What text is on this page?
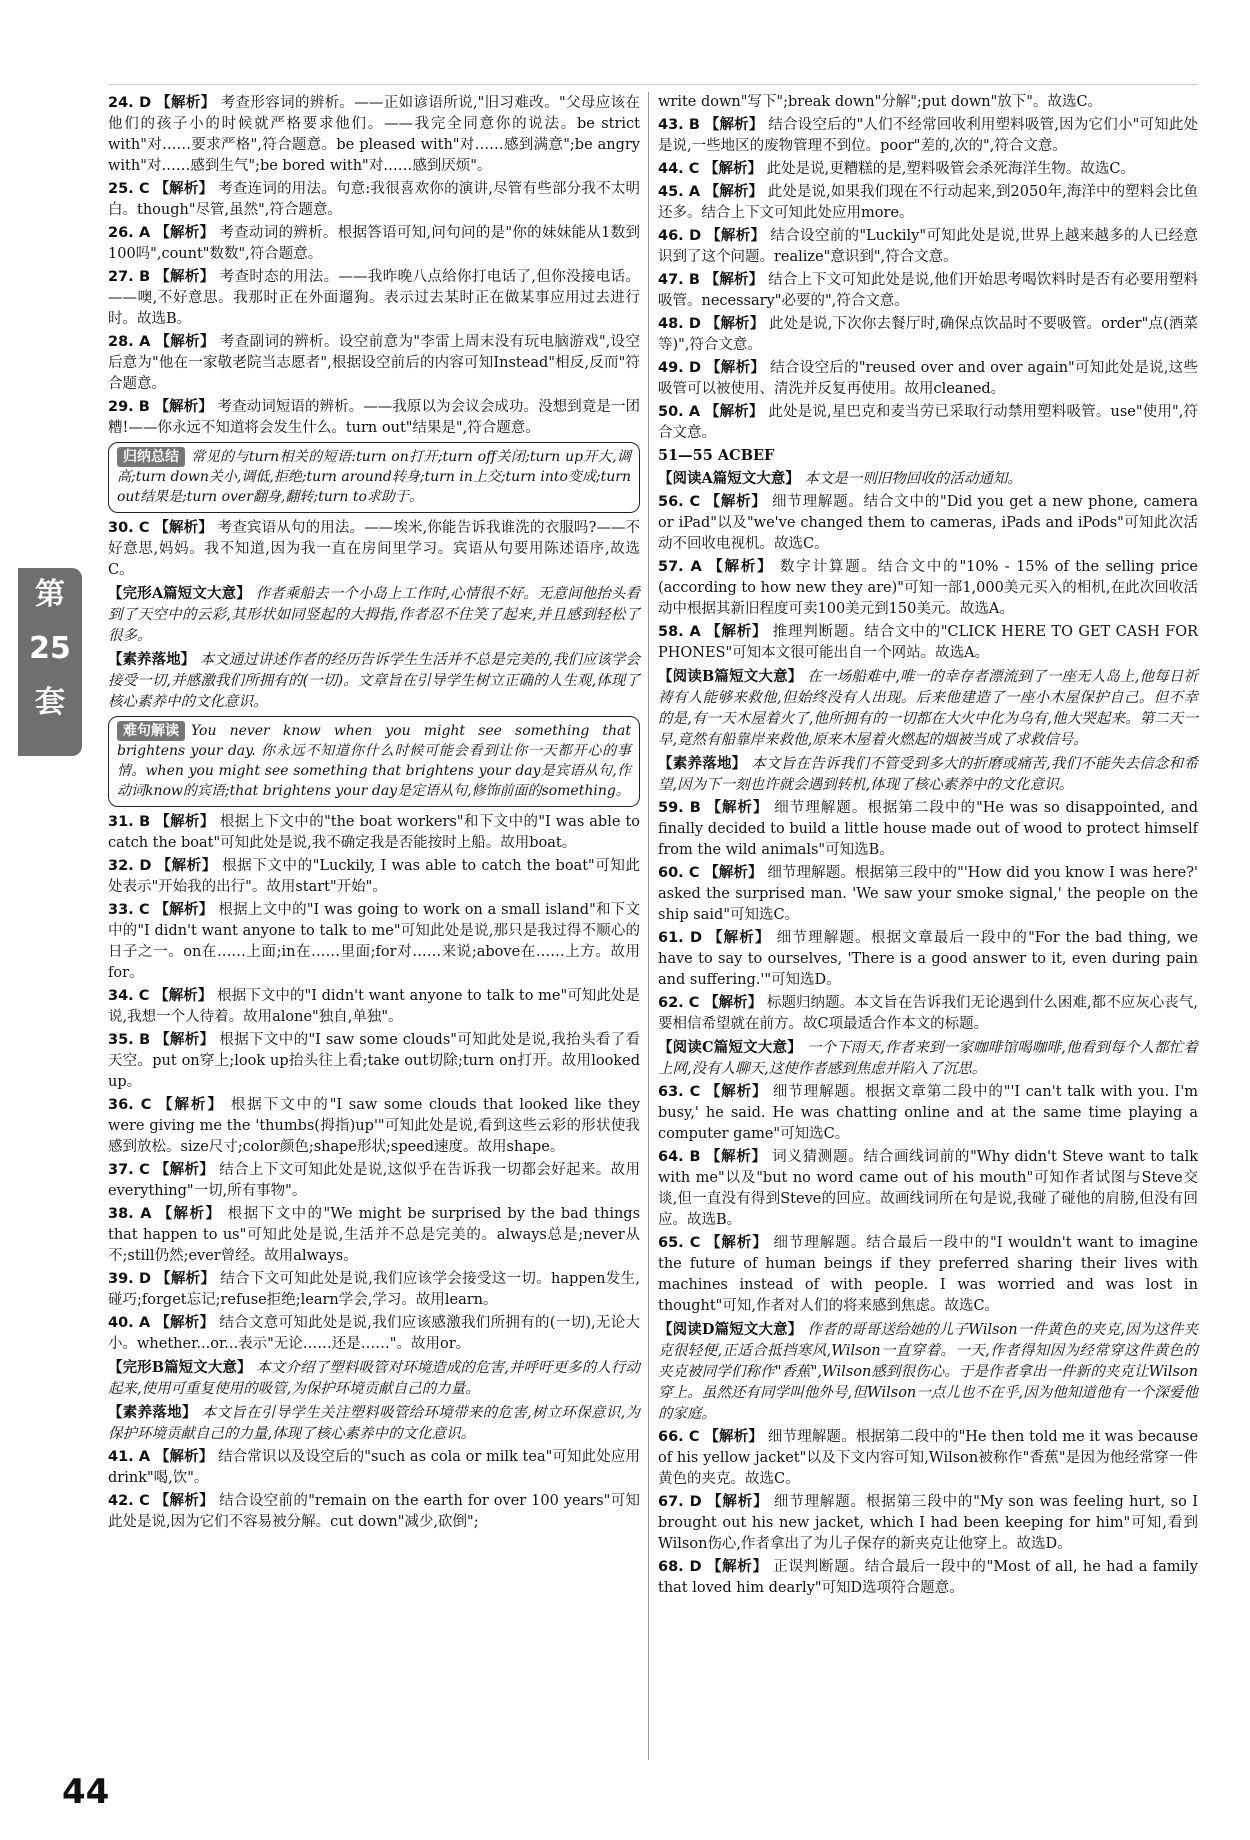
24. D 【解析】 考查形容词的辨析。——正如谚语所说,"旧习难改。"父母应该在他们的孩子小的时候就严格要求他们。——我完全同意你的说法。be strict with"对……要求严格",符合题意。be pleased with"对……感到满意";be angry with"对……感到生气";be bored with"对……感到厌烦"。
25. C 【解析】 考查连词的用法。句意:我很喜欢你的演讲,尽管有些部分我不太明白。though"尽管,虽然",符合题意。
26. A 【解析】 考查动词的辨析。根据答语可知,问句问的是"你的妹妹能从1数到100吗",count"数数",符合题意。
27. B 【解析】 考查时态的用法。——我昨晚八点给你打电话了,但你没接电话。——噢,不好意思。我那时正在外面遛狗。表示过去某时正在做某事应用过去进行时。故选B。
28. A 【解析】 考查副词的辨析。设空前意为"李雷上周末没有玩电脑游戏",设空后意为"他在一家敬老院当志愿者",根据设空前后的内容可知Instead"相反,反而"符合题意。
29. B 【解析】 考查动词短语的辨析。——我原以为会议会成功。没想到竟是一团糟!——你永远不知道将会发生什么。turn out"结果是",符合题意。
归纳总结 常见的与turn相关的短语:turn on打开;turn off关闭;turn up开大,调高;turn down关小,调低,拒绝;turn around转身;turn in上交;turn into变成;turn out结果是;turn over翻身,翻转;turn to求助于。
30. C 【解析】 考查宾语从句的用法。——埃米,你能告诉我谁洗的衣服吗?——不好意思,妈妈。我不知道,因为我一直在房间里学习。宾语从句要用陈述语序,故选C。
【完形A篇短文大意】 作者乘船去一个小岛上工作时,心情很不好。无意间他抬头看到了天空中的云彩,其形状如同竖起的大拇指,作者忍不住笑了起来,并且感到轻松了很多。
【素养落地】 本文通过讲述作者的经历告诉学生生活并不总是完美的,我们应该学会接受一切,并感激我们所拥有的(一切)。文章旨在引导学生树立正确的人生观,体现了核心素养中的文化意识。
难句解读 You never know when you might see something that brightens your day. 你永远不知道你什么时候可能会看到让你一天都开心的事情。when you might see something that brightens your day是宾语从句,作动词know的宾语;that brightens your day是定语从句,修饰前面的something。
31. B 【解析】 根据上下文中的"the boat workers"和下文中的"I was able to catch the boat"可知此处是说,我不确定我是否能按时上船。故用boat。
32. D 【解析】 根据下文中的"Luckily, I was able to catch the boat"可知此处表示"开始我的出行"。故用start"开始"。
33. C 【解析】 根据上文中的"I was going to work on a small island"和下文中的"I didn't want anyone to talk to me"可知此处是说,那只是我过得不顺心的日子之一。on在……上面;in在……里面;for对……来说;above在……上方。故用for。
34. C 【解析】 根据下文中的"I didn't want anyone to talk to me"可知此处是说,我想一个人待着。故用alone"独自,单独"。
35. B 【解析】 根据下文中的"I saw some clouds"可知此处是说,我抬头看了看天空。put on穿上;look up抬头往上看;take out切除;turn on打开。故用looked up。
36. C 【解析】 根据下文中的"I saw some clouds that looked like they were giving me the 'thumbs(拇指)up'"可知此处是说,看到这些云彩的形状使我感到放松。size尺寸;color颜色;shape形状;speed速度。故用shape。
37. C 【解析】 结合上下文可知此处是说,这似乎在告诉我一切都会好起来。故用everything"一切,所有事物"。
38. A 【解析】 根据下文中的"We might be surprised by the bad things that happen to us"可知此处是说,生活并不总是完美的。always总是;never从不;still仍然;ever曾经。故用always。
39. D 【解析】 结合下文可知此处是说,我们应该学会接受这一切。happen发生,碰巧;forget忘记;refuse拒绝;learn学会,学习。故用learn。
40. A 【解析】 结合文意可知此处是说,我们应该感激我们所拥有的(一切),无论大小。whether...or...表示"无论……还是……"。故用or。
【完形B篇短文大意】 本文介绍了塑料吸管对环境造成的危害,并呼吁更多的人行动起来,使用可重复使用的吸管,为保护环境贡献自己的力量。
【素养落地】 本文旨在引导学生关注塑料吸管给环境带来的危害,树立环保意识,为保护环境贡献自己的力量,体现了核心素养中的文化意识。
41. A 【解析】 结合常识以及设空后的"such as cola or milk tea"可知此处应用drink"喝,饮"。
42. C 【解析】 结合设空前的"remain on the earth for over 100 years"可知此处是说,因为它们不容易被分解。cut down"减少,砍倒";
write down"写下";break down"分解";put down"放下"。故选C。
43. B 【解析】 结合设空后的"人们不经常回收利用塑料吸管,因为它们小"可知此处是说,一些地区的废物管理不到位。poor"差的,次的",符合文意。
44. C 【解析】 此处是说,更糟糕的是,塑料吸管会杀死海洋生物。故选C。
45. A 【解析】 此处是说,如果我们现在不行动起来,到2050年,海洋中的塑料会比鱼还多。结合上下文可知此处应用more。
46. D 【解析】 结合设空前的"Luckily"可知此处是说,世界上越来越多的人已经意识到了这个问题。realize"意识到",符合文意。
47. B 【解析】 结合上下文可知此处是说,他们开始思考喝饮料时是否有必要用塑料吸管。necessary"必要的",符合文意。
48. D 【解析】 此处是说,下次你去餐厅时,确保点饮品时不要吸管。order"点(酒菜等)",符合文意。
49. D 【解析】 结合设空后的"reused over and over again"可知此处是说,这些吸管可以被使用、清洗并反复再使用。故用cleaned。
50. A 【解析】 此处是说,星巴克和麦当劳已采取行动禁用塑料吸管。use"使用",符合文意。
51—55 ACBEF
【阅读A篇短文大意】 本文是一则旧物回收的活动通知。
56. C 【解析】 细节理解题。结合文中的"Did you get a new phone, camera or iPad"以及"we've changed them to cameras, iPads and iPods"可知此次活动不回收电视机。故选C。
57. A 【解析】 数字计算题。结合文中的"10% - 15% of the selling price (according to how new they are)"可知一部1,000美元买入的相机,在此次回收活动中根据其新旧程度可卖100美元到150美元。故选A。
58. A 【解析】 推理判断题。结合文中的"CLICK HERE TO GET CASH FOR PHONES"可知本文很可能出自一个网站。故选A。
【阅读B篇短文大意】 在一场船难中,唯一的幸存者漂流到了一座无人岛上,他每日祈祷有人能够来救他,但始终没有人出现。后来他建造了一座小木屋保护自己。但不幸的是,有一天木屋着火了,他所拥有的一切都在大火中化为乌有,他大哭起来。第二天一早,竟然有船靠岸来救他,原来木屋着火燃起的烟被当成了求救信号。
【素养落地】 本文旨在告诉我们不管受到多大的折磨或痛苦,我们不能失去信念和希望,因为下一刻也许就会遇到转机,体现了核心素养中的文化意识。
59. B 【解析】 细节理解题。根据第二段中的"He was so disappointed, and finally decided to build a little house made out of wood to protect himself from the wild animals"可知选B。
60. C 【解析】 细节理解题。根据第三段中的"'How did you know I was here?' asked the surprised man. 'We saw your smoke signal,' the people on the ship said"可知选C。
61. D 【解析】 细节理解题。根据文章最后一段中的"For the bad thing, we have to say to ourselves, 'There is a good answer to it, even during pain and suffering.'"可知选D。
62. C 【解析】 标题归纳题。本文旨在告诉我们无论遇到什么困难,都不应灰心丧气,要相信希望就在前方。故C项最适合作本文的标题。
【阅读C篇短文大意】 一个下雨天,作者来到一家咖啡馆喝咖啡,他看到每个人都忙着上网,没有人聊天,这使作者感到焦虑并陷入了沉思。
63. C 【解析】 细节理解题。根据文章第二段中的"'I can't talk with you. I'm busy,' he said. He was chatting online and at the same time playing a computer game"可知选C。
64. B 【解析】 词义猜测题。结合画线词前的"Why didn't Steve want to talk with me"以及"but no word came out of his mouth"可知作者试图与Steve交谈,但一直没有得到Steve的回应。故画线词所在句是说,我碰了碰他的肩膀,但没有回应。故选B。
65. C 【解析】 细节理解题。结合最后一段中的"I wouldn't want to imagine the future of human beings if they preferred sharing their lives with machines instead of with people. I was worried and was lost in thought"可知,作者对人们的将来感到焦虑。故选C。
【阅读D篇短文大意】 作者的哥哥送给她的儿子Wilson一件黄色的夹克,因为这件夹克很轻便,正适合抵挡寒风,Wilson一直穿着。一天,作者得知因为经常穿这件黄色的夹克被同学们称作"香蕉",Wilson感到很伤心。于是作者拿出一件新的夹克让Wilson穿上。虽然还有同学叫他外号,但Wilson一点儿也不在乎,因为他知道他有一个深爱他的家庭。
66. C 【解析】 细节理解题。根据第二段中的"He then told me it was because of his yellow jacket"以及下文内容可知,Wilson被称作"香蕉"是因为他经常穿一件黄色的夹克。故选C。
67. D 【解析】 细节理解题。根据第三段中的"My son was feeling hurt, so I brought out his new jacket, which I had been keeping for him"可知,看到Wilson伤心,作者拿出了为儿子保存的新夹克让他穿上。故选D。
68. D 【解析】 正误判断题。结合最后一段中的"Most of all, he had a family that loved him dearly"可知D选项符合题意。
第
25
套
44
